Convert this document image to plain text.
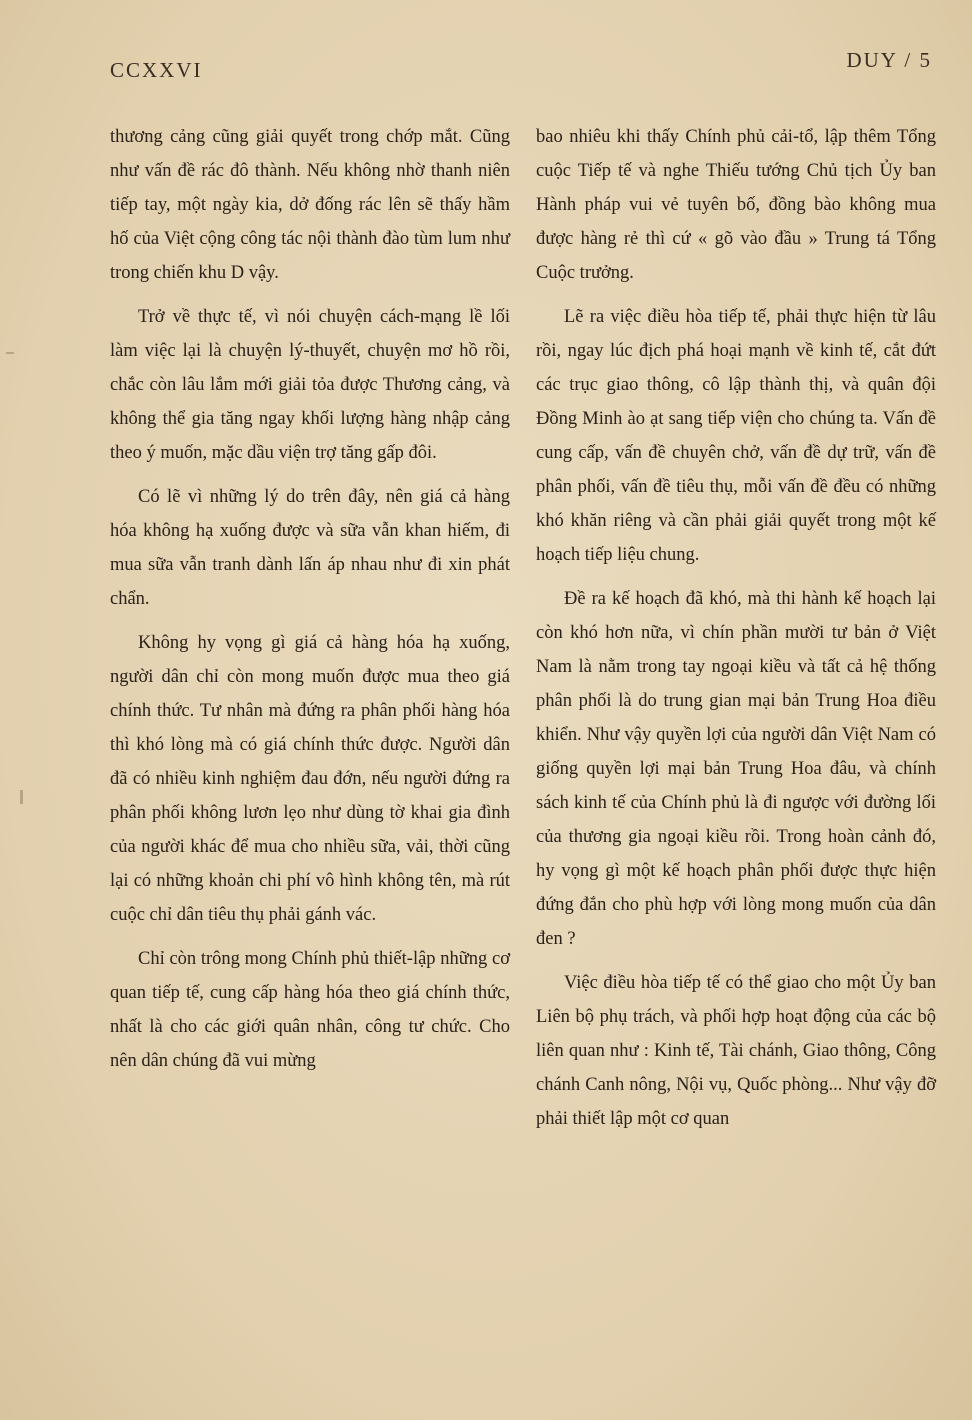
CCXXVI	DUY / 5

thương cảng cũng giải quyết trong chớp mắt. Cũng như vấn đề rác đô thành. Nếu không nhờ thanh niên tiếp tay, một ngày kia, dở đống rác lên sẽ thấy hầm hố của Việt cộng công tác nội thành đào tùm lum như trong chiến khu D vậy.

Trở về thực tế, vì nói chuyện cách-mạng lề lối làm việc lại là chuyện lý-thuyết, chuyện mơ hồ rồi, chắc còn lâu lắm mới giải tỏa được Thương cảng, và không thể gia tăng ngay khối lượng hàng nhập cảng theo ý muốn, mặc dầu viện trợ tăng gấp đôi.

Có lẽ vì những lý do trên đây, nên giá cả hàng hóa không hạ xuống được và sữa vẫn khan hiếm, đi mua sữa vẫn tranh dành lấn áp nhau như đi xin phát chẩn.

Không hy vọng gì giá cả hàng hóa hạ xuống, người dân chỉ còn mong muốn được mua theo giá chính thức. Tư nhân mà đứng ra phân phối hàng hóa thì khó lòng mà có giá chính thức được. Người dân đã có nhiều kinh nghiệm đau đớn, nếu người đứng ra phân phối không lươn lẹo như dùng tờ khai gia đình của người khác để mua cho nhiều sữa, vải, thời cũng lại có những khoản chi phí vô hình không tên, mà rút cuộc chỉ dân tiêu thụ phải gánh vác.

Chỉ còn trông mong Chính phủ thiết-lập những cơ quan tiếp tế, cung cấp hàng hóa theo giá chính thức, nhất là cho các giới quân nhân, công tư chức. Cho nên dân chúng đã vui mừng

bao nhiêu khi thấy Chính phủ cải-tổ, lập thêm Tổng cuộc Tiếp tế và nghe Thiếu tướng Chủ tịch Ủy ban Hành pháp vui vẻ tuyên bố, đồng bào không mua được hàng rẻ thì cứ « gõ vào đầu » Trung tá Tổng Cuộc trưởng.

Lẽ ra việc điều hòa tiếp tế, phải thực hiện từ lâu rồi, ngay lúc địch phá hoại mạnh về kinh tế, cắt đứt các trục giao thông, cô lập thành thị, và quân đội Đồng Minh ào ạt sang tiếp viện cho chúng ta. Vấn đề cung cấp, vấn đề chuyên chở, vấn đề dự trữ, vấn đề phân phối, vấn đề tiêu thụ, mỗi vấn đề đều có những khó khăn riêng và cần phải giải quyết trong một kế hoạch tiếp liệu chung.

Đề ra kế hoạch đã khó, mà thi hành kế hoạch lại còn khó hơn nữa, vì chín phần mười tư bản ở Việt Nam là nằm trong tay ngoại kiều và tất cả hệ thống phân phối là do trung gian mại bản Trung Hoa điều khiển. Như vậy quyền lợi của người dân Việt Nam có giống quyền lợi mại bản Trung Hoa đâu, và chính sách kinh tế của Chính phủ là đi ngược với đường lối của thương gia ngoại kiều rồi. Trong hoàn cảnh đó, hy vọng gì một kế hoạch phân phối được thực hiện đứng đắn cho phù hợp với lòng mong muốn của dân đen ?

Việc điều hòa tiếp tế có thể giao cho một Ủy ban Liên bộ phụ trách, và phối hợp hoạt động của các bộ liên quan như : Kinh tế, Tài chánh, Giao thông, Công chánh Canh nông, Nội vụ, Quốc phòng... Như vậy đỡ phải thiết lập một cơ quan
